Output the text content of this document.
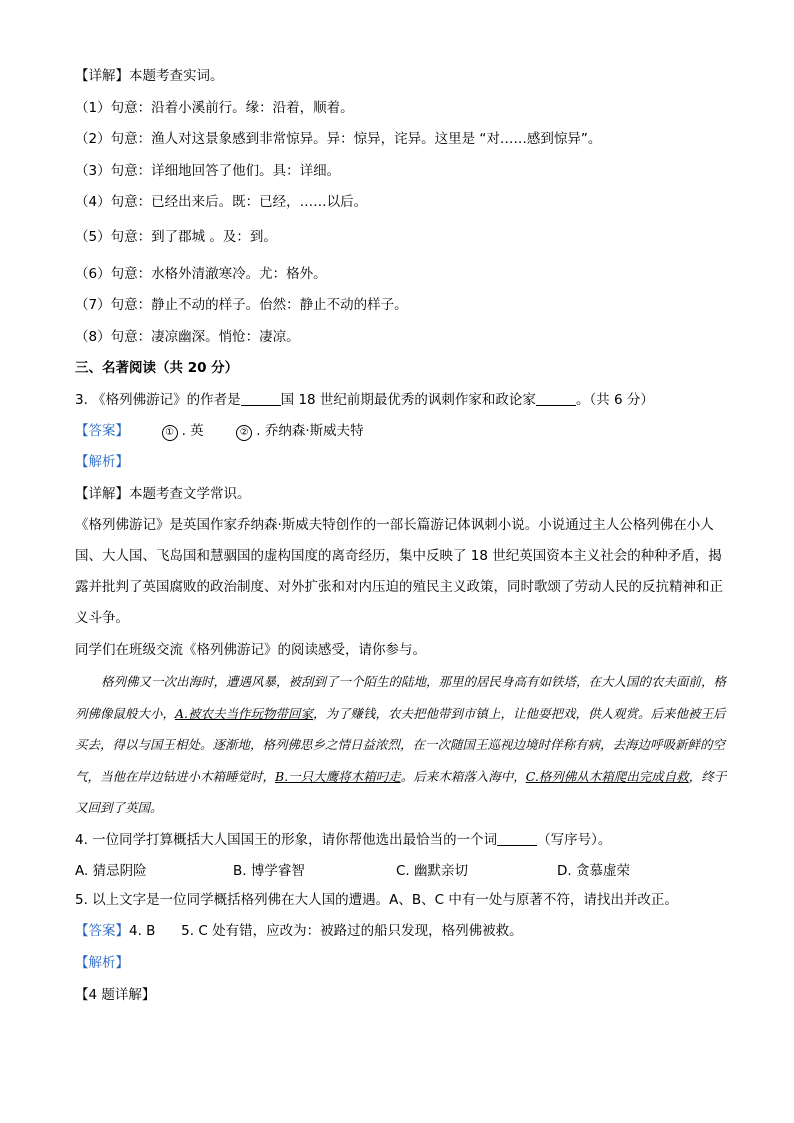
【详解】本题考查实词。
（1）句意：沿着小溪前行。缘：沿着，顺着。
（2）句意：渔人对这景象感到非常惊异。异：惊异，诧异。这里是 “对……感到惊异”。
（3）句意：详细地回答了他们。具：详细。
（4）句意：已经出来后。既：已经，……以后。
（5）句意：到了郡城 。及：到。
（6）句意：水格外清澈寒冷。尤：格外。
（7）句意：静止不动的样子。佁然：静止不动的样子。
（8）句意：凄凉幽深。悄怆：凄凉。
三、名著阅读（共 20 分）
3. 《格列佛游记》的作者是	国 18 世纪前期最优秀的讽刺作家和政论家	。（共 6 分）
【答案】	① . 英	② . 乔纳森·斯威夫特
【解析】
【详解】本题考查文学常识。
《格列佛游记》是英国作家乔纳森·斯威夫特创作的一部长篇游记体讽刺小说。小说通过主人公格列佛在小人国、大人国、飞岛国和慧骃国的虚构国度的离奇经历，集中反映了 18 世纪英国资本主义社会的种种矛盾，揭露并批判了英国腐败的政治制度、对外扩张和对内压迫的殖民主义政策，同时歌颂了劳动人民的反抗精神和正义斗争。
同学们在班级交流《格列佛游记》的阅读感受，请你参与。
格列佛又一次出海时，遭遇风暴，被刮到了一个陌生的陆地，那里的居民身高有如铁塔，在大人国的农夫面前，格列佛像鼠般大小，A.被农夫当作玩物带回家，为了赚钱，农夫把他带到市镇上，让他耍把戏，供人观赏。后来他被王后买去，得以与国王相处。逐渐地，格列佛思乡之情日益浓烈，在一次随国王巡视边境时佯称有病，去海边呼吸新鲜的空气，当他在岸边钻进小木箱睡觉时，B.一只大鹰将木箱叼走。后来木箱落入海中，C.格列佛从木箱爬出完成自救，终于又回到了英国。
4. 一位同学打算概括大人国国王的形象，请你帮他选出最恰当的一个词	（写序号）。
A. 猜忌阴险	B. 博学睿智	C. 幽默亲切	D. 贪慕虚荣
5. 以上文字是一位同学概括格列佛在大人国的遭遇。A、B、C 中有一处与原著不符，请找出并改正。
【答案】4. B      5. C 处有错，应改为：被路过的船只发现，格列佛被救。
【解析】
【4 题详解】
